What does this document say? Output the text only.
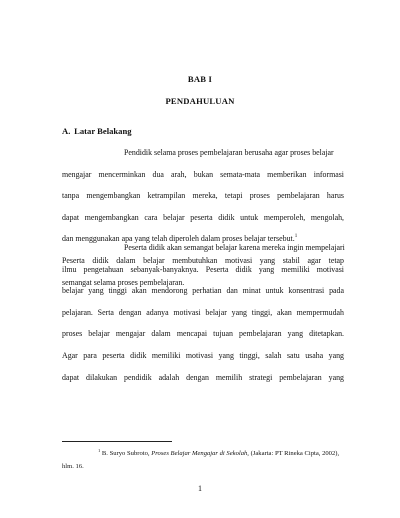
BAB I
PENDAHULUAN
A. Latar Belakang
Pendidik selama proses pembelajaran berusaha agar proses belajar
mengajar mencerminkan dua arah, bukan semata-mata memberikan informasi
tanpa mengembangkan ketrampilan mereka, tetapi proses pembelajaran harus
dapat mengembangkan cara belajar peserta didik untuk memperoleh, mengolah,
dan menggunakan apa yang telah diperoleh dalam proses belajar tersebut.$^1$
Peserta didik dalam belajar membutuhkan motivasi yang stabil agar tetap
semangat selama proses pembelajaran.
Peserta didik akan semangat belajar karena mereka ingin mempelajari
ilmu pengetahuan sebanyak-banyaknya. Peserta didik yang memiliki motivasi
belajar yang tinggi akan mendorong perhatian dan minat untuk konsentrasi pada
pelajaran. Serta dengan adanya motivasi belajar yang tinggi, akan mempermudah
proses belajar mengajar dalam mencapai tujuan pembelajaran yang ditetapkan.
Agar para peserta didik memiliki motivasi yang tinggi, salah satu usaha yang
dapat dilakukan pendidik adalah dengan memilih strategi pembelajaran yang
$^1$ B. Suryo Subroto, Proses Belajar Mengajar di Sekolah, (Jakarta: PT Rineka Cipta, 2002),
hlm. 16.
1
